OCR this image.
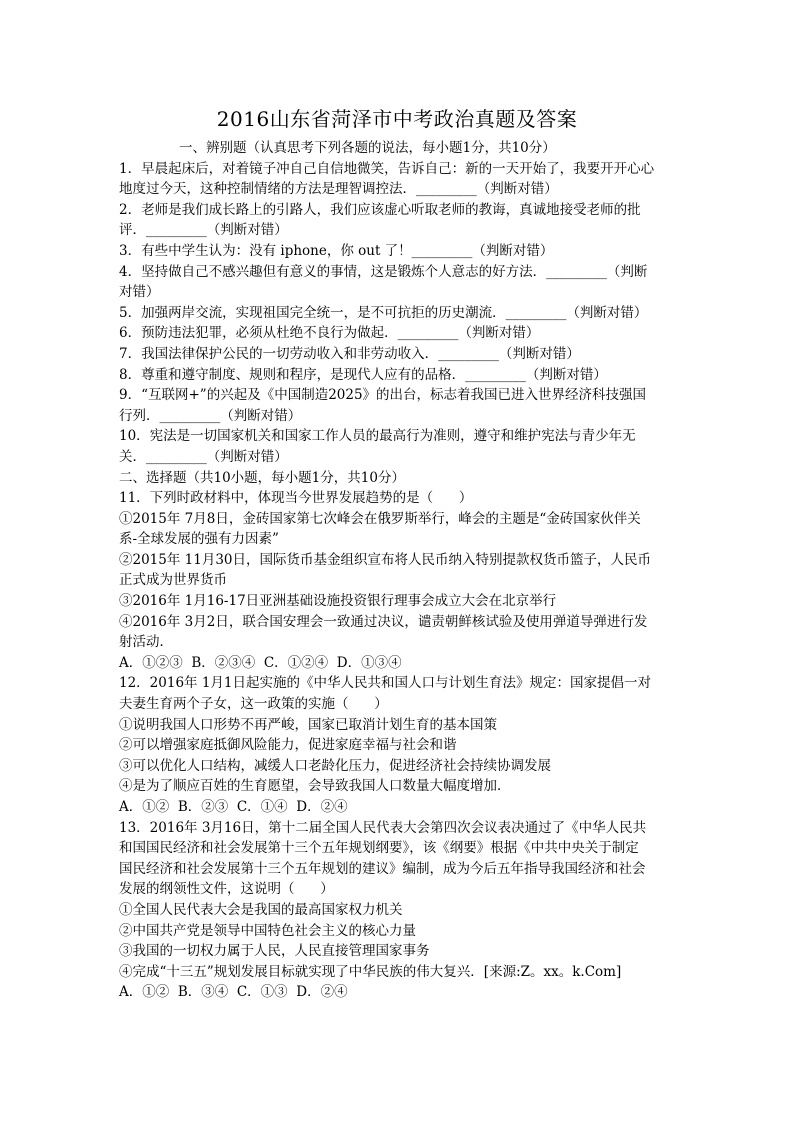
2016山东省菏泽市中考政治真题及答案
一、辨别题（认真思考下列各题的说法，每小题1分，共10分）
1．早晨起床后，对着镜子冲自己自信地微笑，告诉自己：新的一天开始了，我要开开心心
地度过今天，这种控制情绪的方法是理智调控法．_________（判断对错）
2．老师是我们成长路上的引路人，我们应该虚心听取老师的教诲，真诚地接受老师的批
评．_________（判断对错）
3．有些中学生认为：没有 iphone，你 out 了！_________（判断对错）
4．坚持做自己不感兴趣但有意义的事情，这是锻炼个人意志的好方法．_________（判断
对错）
5．加强两岸交流，实现祖国完全统一，是不可抗拒的历史潮流．_________（判断对错）
6．预防违法犯罪，必须从杜绝不良行为做起．_________（判断对错）
7．我国法律保护公民的一切劳动收入和非劳动收入．_________（判断对错）
8．尊重和遵守制度、规则和程序，是现代人应有的品格．_________（判断对错）
9．“互联网+”的兴起及《中国制造2025》的出台，标志着我国已进入世界经济科技强国
行列．_________（判断对错）
10．宪法是一切国家机关和国家工作人员的最高行为准则，遵守和维护宪法与青少年无
关．_________（判断对错）
二、选择题（共10小题，每小题1分，共10分）
11．下列时政材料中，体现当今世界发展趋势的是（      ）
①2015年 7月8日，金砖国家第七次峰会在俄罗斯举行，峰会的主题是“金砖国家伙伴关
系-全球发展的强有力因素”
②2015年 11月30日，国际货币基金组织宣布将人民币纳入特别提款权货币篮子，人民币
正式成为世界货币
③2016年 1月16-17日亚洲基础设施投资银行理事会成立大会在北京举行
④2016年 3月2日，联合国安理会一致通过决议，谴责朝鲜核试验及使用弹道导弹进行发
射活动．
A．①②③  B．②③④  C．①②④  D．①③④
12．2016年 1月1日起实施的《中华人民共和国人口与计划生育法》规定：国家提倡一对
夫妻生育两个子女，这一政策的实施（      ）
①说明我国人口形势不再严峻，国家已取消计划生育的基本国策
②可以增强家庭抵御风险能力，促进家庭幸福与社会和谐
③可以优化人口结构，减缓人口老龄化压力，促进经济社会持续协调发展
④是为了顺应百姓的生育愿望，会导致我国人口数量大幅度增加．
A．①②  B．②③  C．①④  D．②④
13．2016年 3月16日，第十二届全国人民代表大会第四次会议表决通过了《中华人民共
和国国民经济和社会发展第十三个五年规划纲要》，该《纲要》根据《中共中央关于制定
国民经济和社会发展第十三个五年规划的建议》编制，成为今后五年指导我国经济和社会
发展的纲领性文件，这说明（      ）
①全国人民代表大会是我国的最高国家权力机关
②中国共产党是领导中国特色社会主义的核心力量
③我国的一切权力属于人民，人民直接管理国家事务
④完成“十三五”规划发展目标就实现了中华民族的伟大复兴．[来源:Z。xx。k.Com]
A．①②  B．③④  C．①③  D．②④
